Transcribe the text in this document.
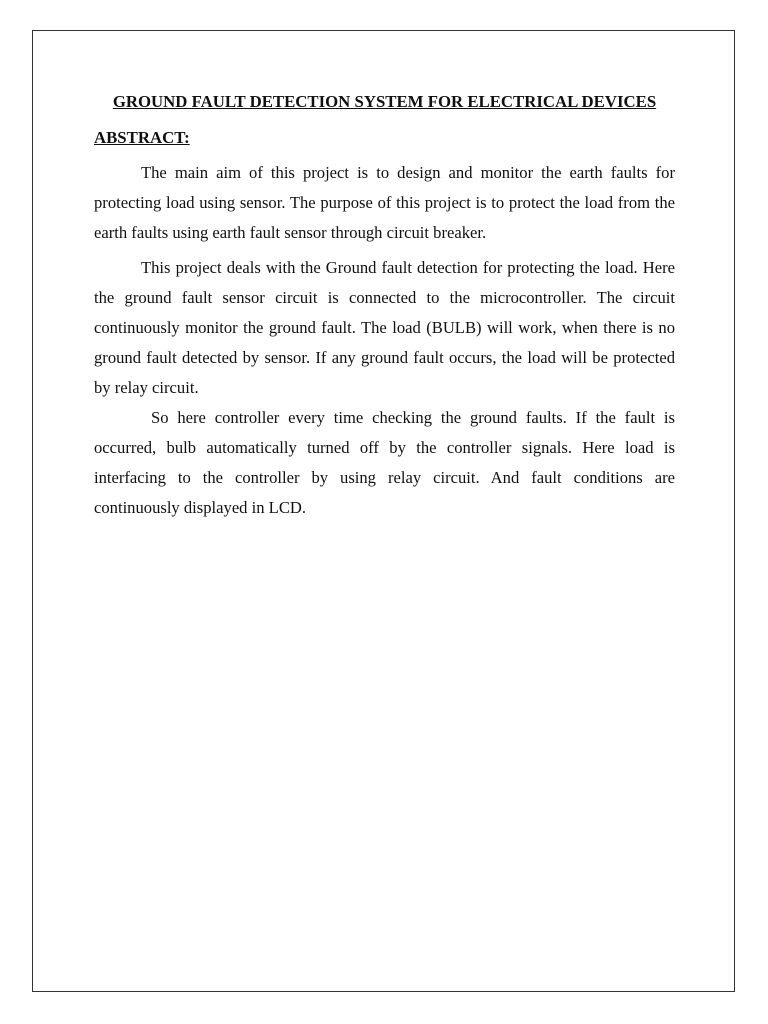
GROUND FAULT DETECTION SYSTEM FOR ELECTRICAL DEVICES
ABSTRACT:

The main aim of this project is to design and monitor the earth faults for protecting load using sensor. The purpose of this project is to protect the load from the earth faults using earth fault sensor through circuit breaker.

This project deals with the Ground fault detection for protecting the load. Here the ground fault sensor circuit is connected to the microcontroller. The circuit continuously monitor the ground fault. The load (BULB) will work, when there is no ground fault detected by sensor. If any ground fault occurs, the load will be protected by relay circuit.

So here controller every time checking the ground faults. If the fault is occurred, bulb automatically turned off by the controller signals. Here load is interfacing to the controller by using relay circuit. And fault conditions are continuously displayed in LCD.
